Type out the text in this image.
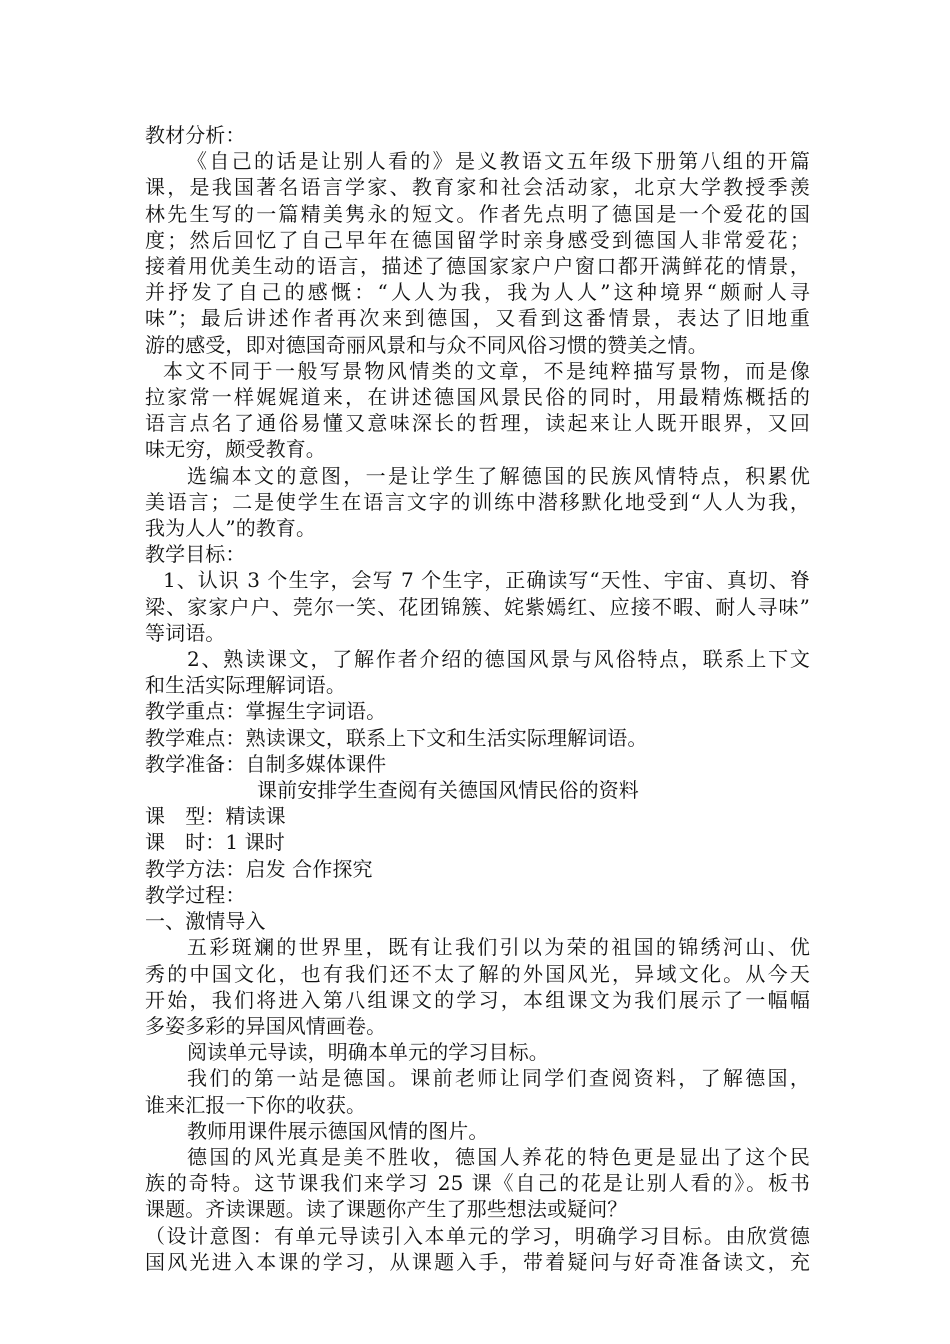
教材分析：
《自己的话是让别人看的》是义教语文五年级下册第八组的开篇
课，是我国著名语言学家、教育家和社会活动家，北京大学教授季羡
林先生写的一篇精美隽永的短文。作者先点明了德国是一个爱花的国
度；然后回忆了自己早年在德国留学时亲身感受到德国人非常爱花；
接着用优美生动的语言，描述了德国家家户户窗口都开满鲜花的情景，
并抒发了自己的感慨：“人人为我，我为人人”这种境界“颇耐人寻
味”；最后讲述作者再次来到德国，又看到这番情景，表达了旧地重
游的感受，即对德国奇丽风景和与众不同风俗习惯的赞美之情。
本文不同于一般写景物风情类的文章，不是纯粹描写景物，而是像
拉家常一样娓娓道来，在讲述德国风景民俗的同时，用最精炼概括的
语言点名了通俗易懂又意味深长的哲理，读起来让人既开眼界，又回
味无穷，颇受教育。
选编本文的意图，一是让学生了解德国的民族风情特点，积累优
美语言；二是使学生在语言文字的训练中潜移默化地受到“人人为我，
我为人人”的教育。
教学目标：
1、认识 3 个生字，会写 7 个生字，正确读写“天性、宇宙、真切、脊
梁、家家户户、莞尔一笑、花团锦簇、姹紫嫣红、应接不暇、耐人寻味”
等词语。
2、熟读课文，了解作者介绍的德国风景与风俗特点，联系上下文
和生活实际理解词语。
教学重点：掌握生字词语。
教学难点：熟读课文，联系上下文和生活实际理解词语。
教学准备：自制多媒体课件
课前安排学生查阅有关德国风情民俗的资料
课　型：精读课
课　时：1 课时
教学方法：启发 合作探究
教学过程：
一、激情导入
五彩斑斓的世界里，既有让我们引以为荣的祖国的锦绣河山、优
秀的中国文化，也有我们还不太了解的外国风光，异域文化。从今天
开始，我们将进入第八组课文的学习，本组课文为我们展示了一幅幅
多姿多彩的异国风情画卷。
阅读单元导读，明确本单元的学习目标。
我们的第一站是德国。课前老师让同学们查阅资料，了解德国，
谁来汇报一下你的收获。
教师用课件展示德国风情的图片。
德国的风光真是美不胜收，德国人养花的特色更是显出了这个民
族的奇特。这节课我们来学习 25 课《自己的花是让别人看的》。板书
课题。齐读课题。读了课题你产生了那些想法或疑问？
（设计意图：有单元导读引入本单元的学习，明确学习目标。由欣赏德
国风光进入本课的学习，从课题入手，带着疑问与好奇准备读文，充
